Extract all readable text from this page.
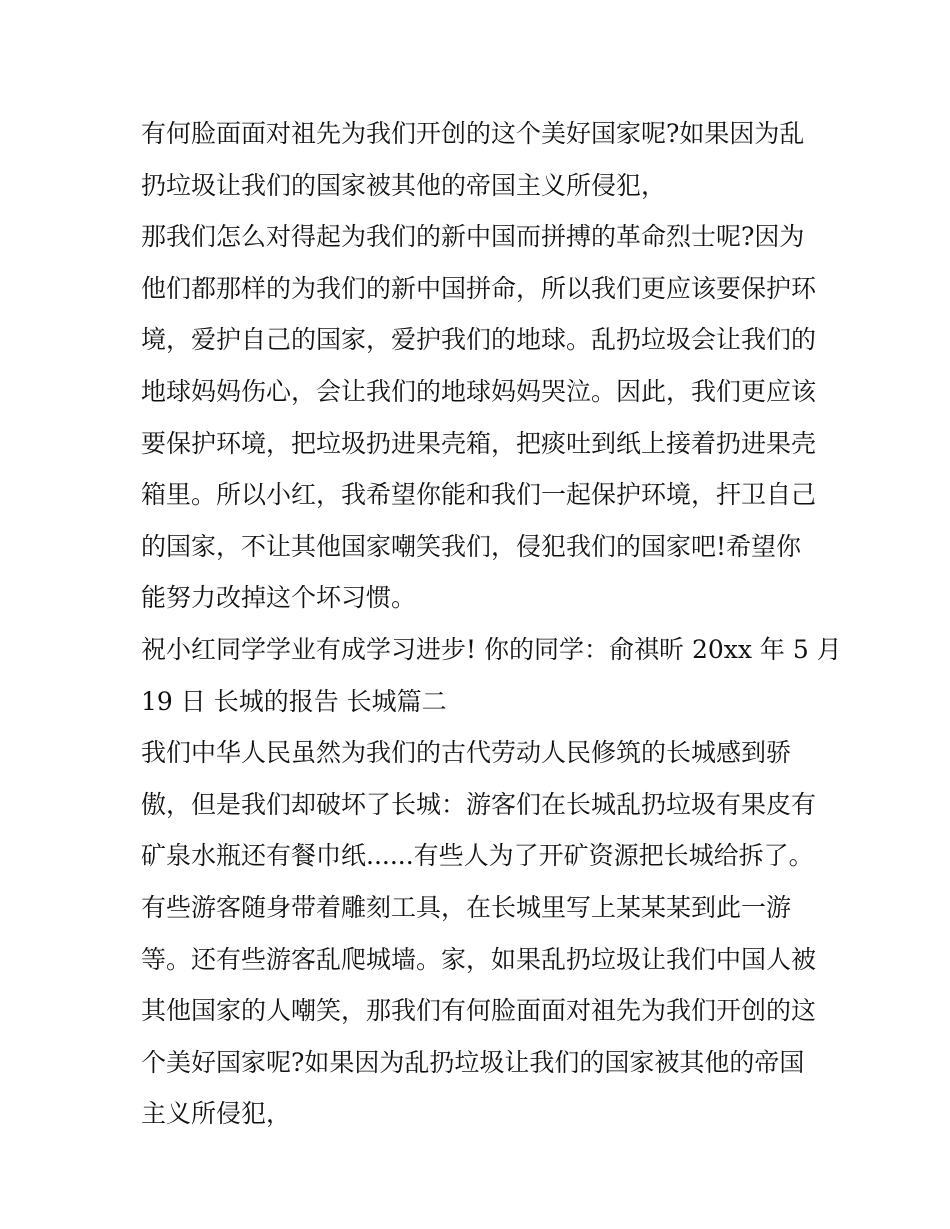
有何脸面面对祖先为我们开创的这个美好国家呢?如果因为乱
扔垃圾让我们的国家被其他的帝国主义所侵犯，
那我们怎么对得起为我们的新中国而拼搏的革命烈士呢?因为
他们都那样的为我们的新中国拼命，所以我们更应该要保护环
境，爱护自己的国家，爱护我们的地球。乱扔垃圾会让我们的
地球妈妈伤心，会让我们的地球妈妈哭泣。因此，我们更应该
要保护环境，把垃圾扔进果壳箱，把痰吐到纸上接着扔进果壳
箱里。所以小红，我希望你能和我们一起保护环境，扞卫自己
的国家，不让其他国家嘲笑我们，侵犯我们的国家吧!希望你
能努力改掉这个坏习惯。
祝小红同学学业有成学习进步! 你的同学：俞祺昕 20xx 年 5 月
19 日 长城的报告 长城篇二
我们中华人民虽然为我们的古代劳动人民修筑的长城感到骄
傲，但是我们却破坏了长城：游客们在长城乱扔垃圾有果皮有
矿泉水瓶还有餐巾纸......有些人为了开矿资源把长城给拆了。
有些游客随身带着雕刻工具，在长城里写上某某某到此一游
等。还有些游客乱爬城墙。家，如果乱扔垃圾让我们中国人被
其他国家的人嘲笑，那我们有何脸面面对祖先为我们开创的这
个美好国家呢?如果因为乱扔垃圾让我们的国家被其他的帝国
主义所侵犯，
